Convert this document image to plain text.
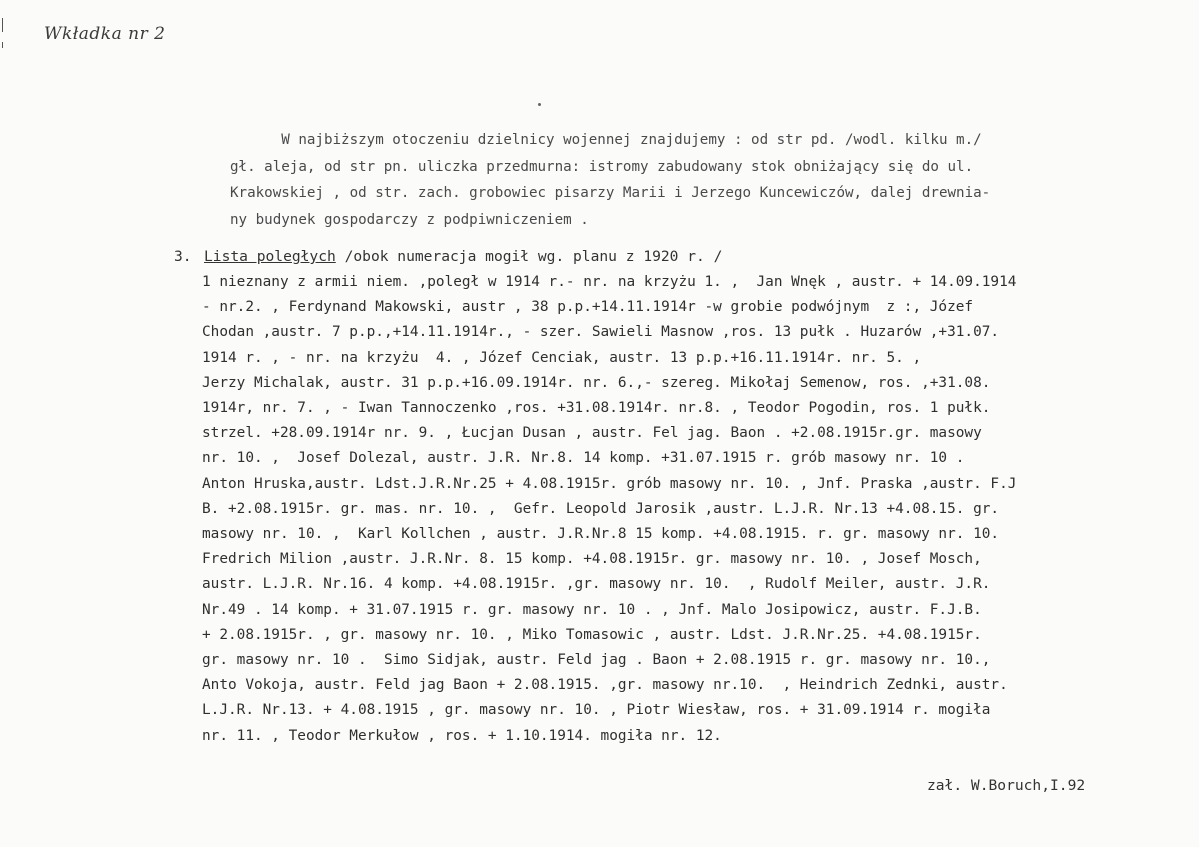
Wkładka nr 2
W najbiższym otoczeniu dzielnicy wojennej znajdujemy : od str pd. /wodl. kilku m./
gł. aleja, od str pn. uliczka przedmurna: istromy zabudowany stok obniżający się do ul.
Krakowskiej , od str. zach. grobowiec pisarzy Marii i Jerzego Kuncewiczów, dalej drewnia-
ny budynek gospodarczy z podpiwniczeniem .
3. Lista poległych /obok numeracja mogił wg. planu z 1920 r. /
1 nieznany z armii niem. ,poległ w 1914 r.- nr. na krzyżu 1. ,  Jan Wnęk , austr. + 14.09.1914
- nr.2. , Ferdynand Makowski, austr , 38 p.p.+14.11.1914r -w grobie podwójnym  z :, Józef
Chodan ,austr. 7 p.p.,+14.11.1914r., - szer. Sawieli Masnow ,ros. 13 pułk . Huzarów ,+31.07.
1914 r. , - nr. na krzyżu  4. , Józef Cenciak, austr. 13 p.p.+16.11.1914r. nr. 5. ,
Jerzy Michalak, austr. 31 p.p.+16.09.1914r. nr. 6.,- szereg. Mikołaj Semenow, ros. ,+31.08.
1914r, nr. 7. , - Iwan Tannoczenko ,ros. +31.08.1914r. nr.8. , Teodor Pogodin, ros. 1 pułk.
strzel. +28.09.1914r nr. 9. , Łucjan Dusan , austr. Fel jag. Baon . +2.08.1915r.gr. masowy
nr. 10. ,  Josef Dolezal, austr. J.R. Nr.8. 14 komp. +31.07.1915 r. grób masowy nr. 10 .
Anton Hruska,austr. Ldst.J.R.Nr.25 + 4.08.1915r. grób masowy nr. 10. , Jnf. Praska ,austr. F.J
B. +2.08.1915r. gr. mas. nr. 10. ,  Gefr. Leopold Jarosik ,austr. L.J.R. Nr.13 +4.08.15. gr.
masowy nr. 10. ,  Karl Kollchen , austr. J.R.Nr.8 15 komp. +4.08.1915. r. gr. masowy nr. 10.
Fredrich Milion ,austr. J.R.Nr. 8. 15 komp. +4.08.1915r. gr. masowy nr. 10. , Josef Mosch,
austr. L.J.R. Nr.16. 4 komp. +4.08.1915r. ,gr. masowy nr. 10.  , Rudolf Meiler, austr. J.R.
Nr.49 . 14 komp. + 31.07.1915 r. gr. masowy nr. 10 . , Jnf. Malo Josipowicz, austr. F.J.B.
+ 2.08.1915r. , gr. masowy nr. 10. , Miko Tomasowic , austr. Ldst. J.R.Nr.25. +4.08.1915r.
gr. masowy nr. 10 .  Simo Sidjak, austr. Feld jag . Baon + 2.08.1915 r. gr. masowy nr. 10.,
Anto Vokoja, austr. Feld jag Baon + 2.08.1915. ,gr. masowy nr.10.  , Heindrich Zednki, austr.
L.J.R. Nr.13. + 4.08.1915 , gr. masowy nr. 10. , Piotr Wiesław, ros. + 31.09.1914 r. mogiła
nr. 11. , Teodor Merkułow , ros. + 1.10.1914. mogiła nr. 12.
zał. W.Boruch,I.92
